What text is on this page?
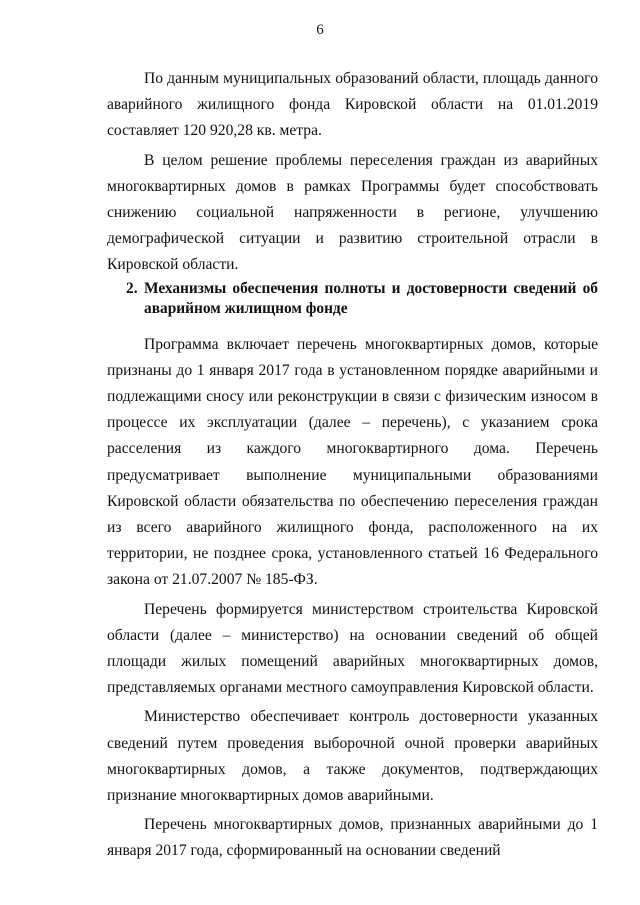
6

По данным муниципальных образований области, площадь данного аварийного жилищного фонда Кировской области на 01.01.2019 составляет 120 920,28 кв. метра.

В целом решение проблемы переселения граждан из аварийных многоквартирных домов в рамках Программы будет способствовать снижению социальной напряженности в регионе, улучшению демографической ситуации и развитию строительной отрасли в Кировской области.

2. Механизмы обеспечения полноты и достоверности сведений об аварийном жилищном фонде

Программа включает перечень многоквартирных домов, которые признаны до 1 января 2017 года в установленном порядке аварийными и подлежащими сносу или реконструкции в связи с физическим износом в процессе их эксплуатации (далее – перечень), с указанием срока расселения из каждого многоквартирного дома. Перечень предусматривает выполнение муниципальными образованиями Кировской области обязательства по обеспечению переселения граждан из всего аварийного жилищного фонда, расположенного на их территории, не позднее срока, установленного статьей 16 Федерального закона от 21.07.2007 № 185-ФЗ.

Перечень формируется министерством строительства Кировской области (далее – министерство) на основании сведений об общей площади жилых помещений аварийных многоквартирных домов, представляемых органами местного самоуправления Кировской области.

Министерство обеспечивает контроль достоверности указанных сведений путем проведения выборочной очной проверки аварийных многоквартирных домов, а также документов, подтверждающих признание многоквартирных домов аварийными.

Перечень многоквартирных домов, признанных аварийными до 1 января 2017 года, сформированный на основании сведений
